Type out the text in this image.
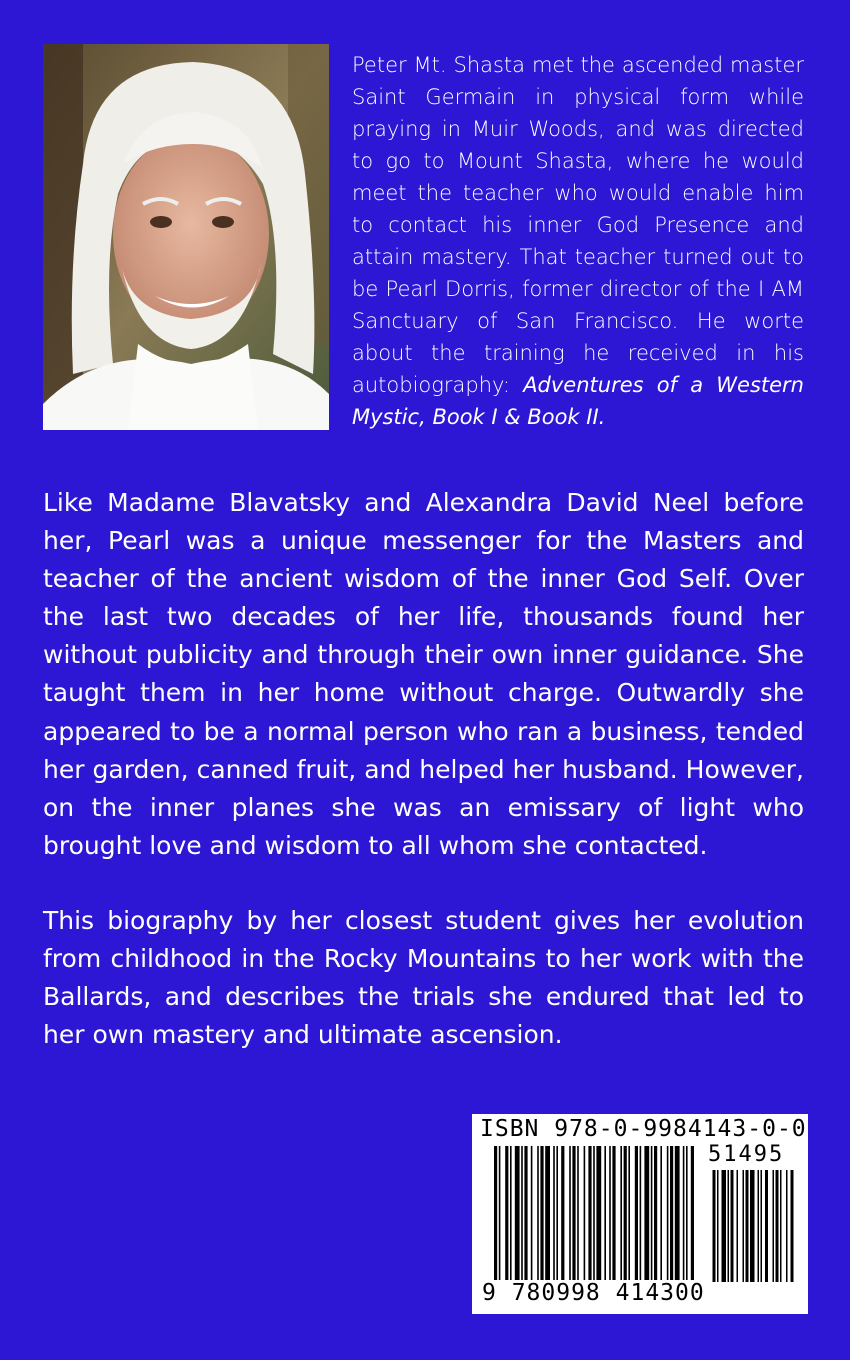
Peter Mt. Shasta met the ascended master Saint Germain in physical form while praying in Muir Woods, and was directed to go to Mount Shasta, where he would meet the teacher who would enable him to contact his inner God Presence and attain mastery. That teacher turned out to be Pearl Dorris, former director of the I AM Sanctuary of San Francisco. He worte about the training he received in his autobiography: Adventures of a Western Mystic, Book I & Book II.
Like Madame Blavatsky and Alexandra David Neel before her, Pearl was a unique messenger for the Masters and teacher of the ancient wisdom of the inner God Self. Over the last two decades of her life, thousands found her without publicity and through their own inner guidance. She taught them in her home without charge. Outwardly she appeared to be a normal person who ran a business, tended her garden, canned fruit, and helped her husband. However, on the inner planes she was an emissary of light who brought love and wisdom to all whom she contacted.
This biography by her closest student gives her evolution from childhood in the Rocky Mountains to her work with the Ballards, and describes the trials she endured that led to her own mastery and ultimate ascension.
ISBN 978-0-9984143-0-0
51495
9 780998 414300
